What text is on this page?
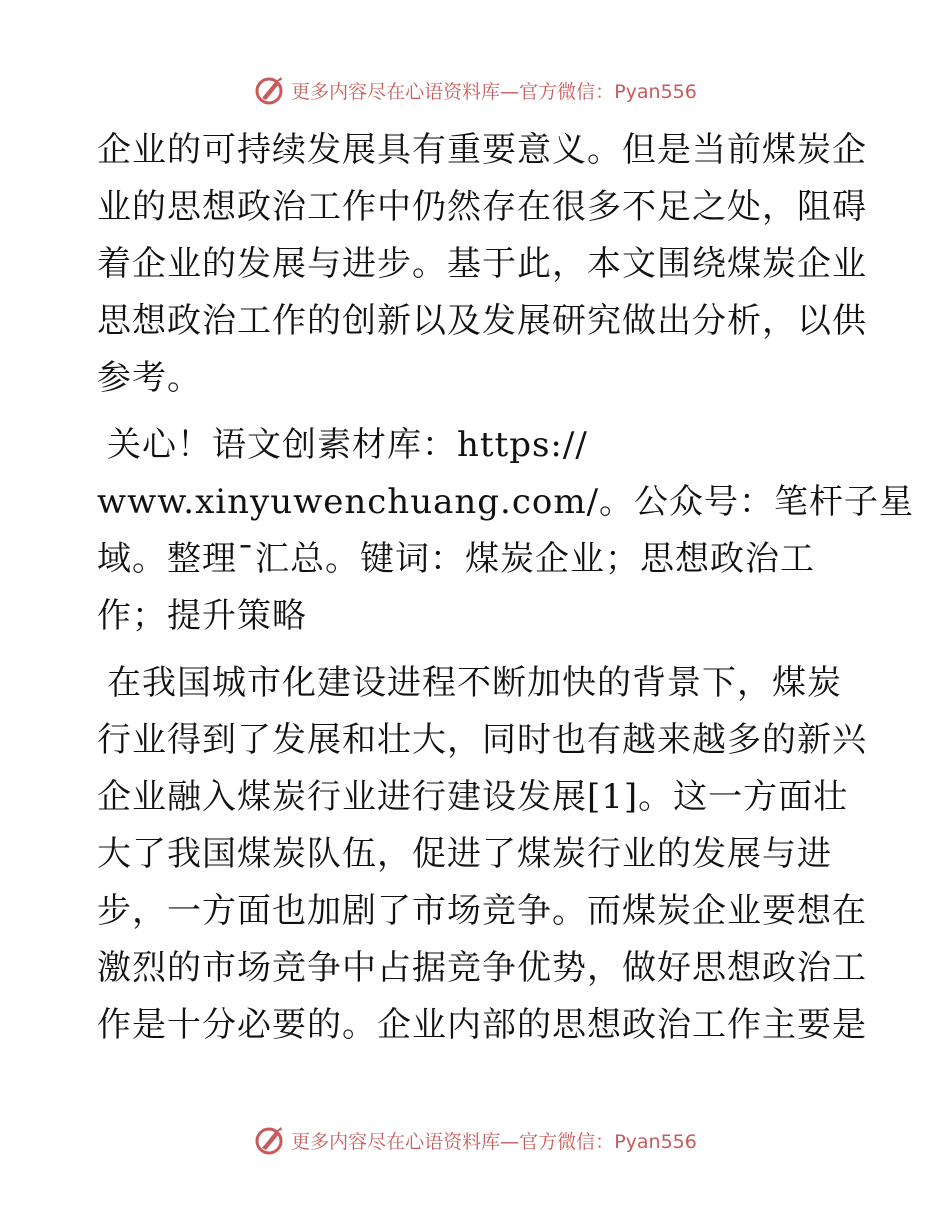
更多内容尽在心语资料库—官方微信：Pyan556

企业的可持续发展具有重要意义。但是当前煤炭企
业的思想政治工作中仍然存在很多不足之处，阻碍
着企业的发展与进步。基于此，本文围绕煤炭企业
思想政治工作的创新以及发展研究做出分析，以供
参考。

关心！语文创素材库：https://
www.xinyuwenchuang.com/。公众号：笔杆子星
域。整理¯汇总。键词：煤炭企业；思想政治工
作；提升策略

在我国城市化建设进程不断加快的背景下，煤炭
行业得到了发展和壮大，同时也有越来越多的新兴
企业融入煤炭行业进行建设发展[1]。这一方面壮
大了我国煤炭队伍，促进了煤炭行业的发展与进
步，一方面也加剧了市场竞争。而煤炭企业要想在
激烈的市场竞争中占据竞争优势，做好思想政治工
作是十分必要的。企业内部的思想政治工作主要是

更多内容尽在心语资料库—官方微信：Pyan556
